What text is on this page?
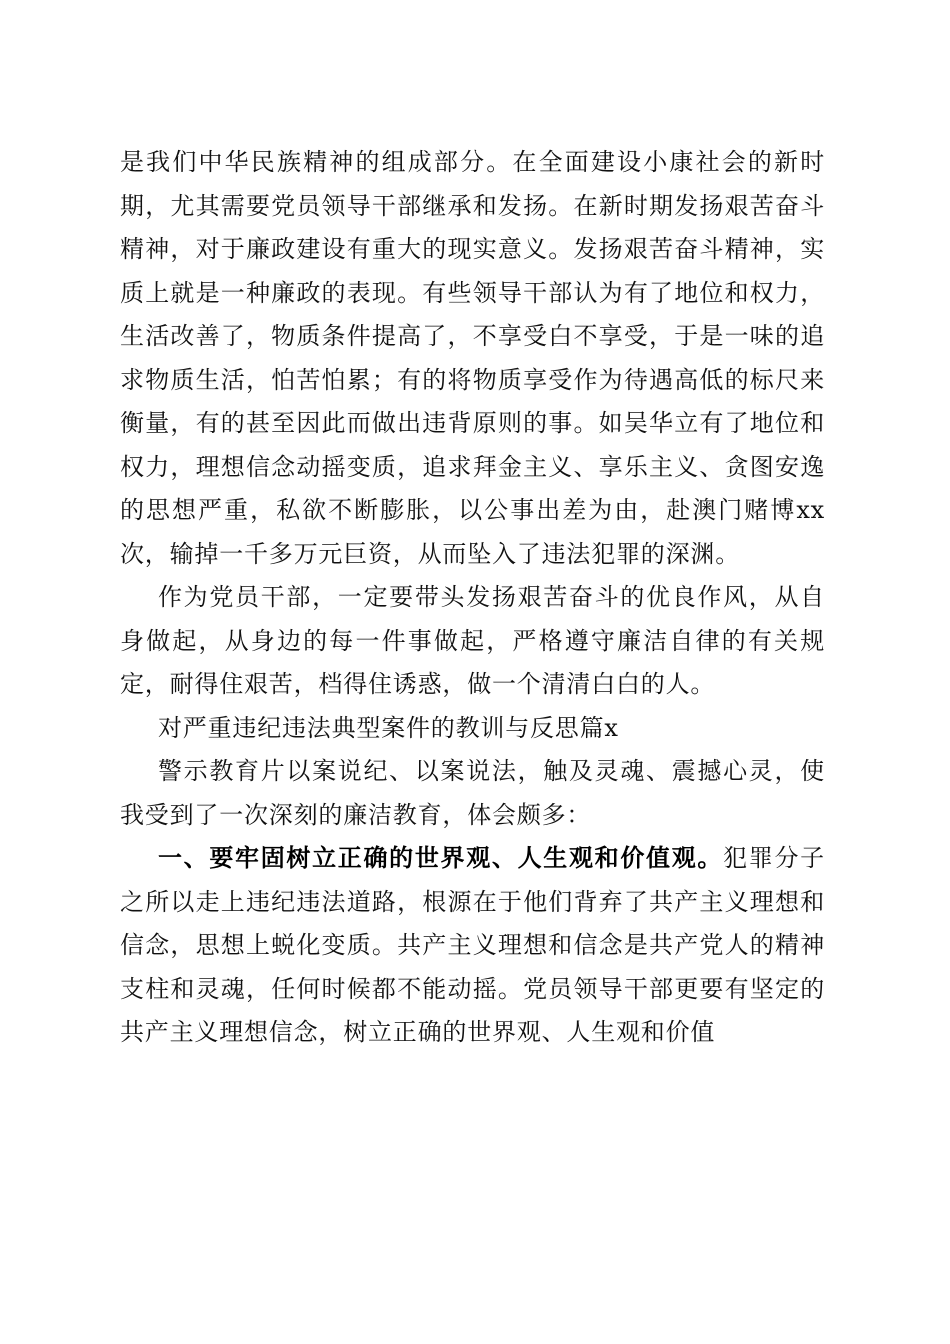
是我们中华民族精神的组成部分。在全面建设小康社会的新时期，尤其需要党员领导干部继承和发扬。在新时期发扬艰苦奋斗精神，对于廉政建设有重大的现实意义。发扬艰苦奋斗精神，实质上就是一种廉政的表现。有些领导干部认为有了地位和权力，生活改善了，物质条件提高了，不享受白不享受，于是一味的追求物质生活，怕苦怕累；有的将物质享受作为待遇高低的标尺来衡量，有的甚至因此而做出违背原则的事。如吴华立有了地位和权力，理想信念动摇变质，追求拜金主义、享乐主义、贪图安逸的思想严重，私欲不断膨胀，以公事出差为由，赴澳门赌博xx次，输掉一千多万元巨资，从而坠入了违法犯罪的深渊。

作为党员干部，一定要带头发扬艰苦奋斗的优良作风，从自身做起，从身边的每一件事做起，严格遵守廉洁自律的有关规定，耐得住艰苦，档得住诱惑，做一个清清白白的人。

对严重违纪违法典型案件的教训与反思篇x

警示教育片以案说纪、以案说法，触及灵魂、震撼心灵，使我受到了一次深刻的廉洁教育，体会颇多：

一、要牢固树立正确的世界观、人生观和价值观。犯罪分子之所以走上违纪违法道路，根源在于他们背弃了共产主义理想和信念，思想上蜕化变质。共产主义理想和信念是共产党人的精神支柱和灵魂，任何时候都不能动摇。党员领导干部更要有坚定的共产主义理想信念，树立正确的世界观、人生观和价值
